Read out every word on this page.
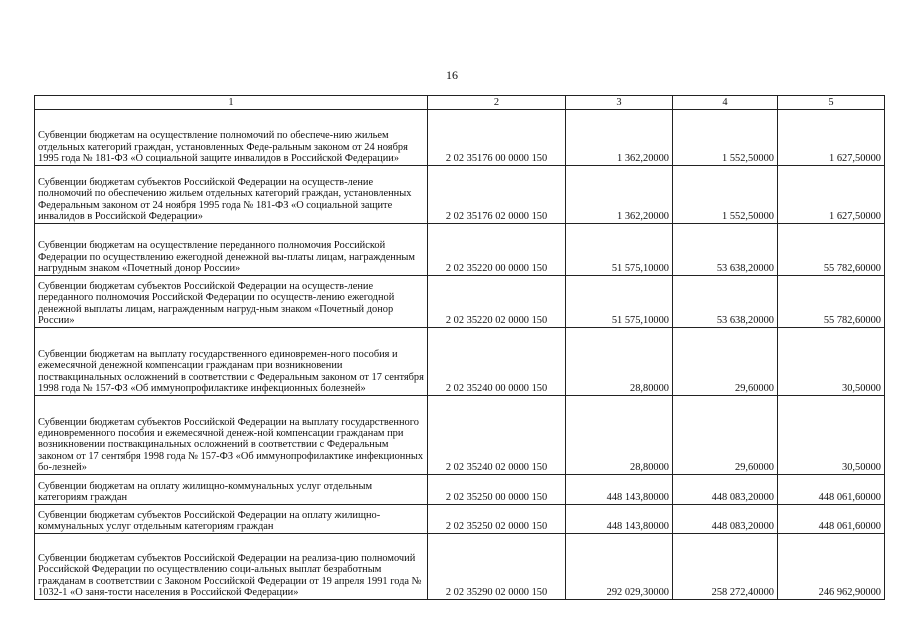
16
1	2	3	4	5
Субвенции бюджетам на осуществление полномочий по обеспече-нию жильем отдельных категорий граждан, установленных Феде-ральным законом от 24 ноября 1995 года № 181-ФЗ «О социальной защите инвалидов в Российской Федерации»	2 02 35176 00 0000 150	1 362,20000	1 552,50000	1 627,50000
Субвенции бюджетам субъектов Российской Федерации на осуществ-ление полномочий по обеспечению жильем отдельных категорий граждан, установленных Федеральным законом от 24 ноября 1995 года № 181-ФЗ «О социальной защите инвалидов в Российской Федерации»	2 02 35176 02 0000 150	1 362,20000	1 552,50000	1 627,50000
Субвенции бюджетам на осуществление переданного полномочия Российской Федерации по осуществлению ежегодной денежной вы-платы лицам, награжденным нагрудным знаком «Почетный донор России»	2 02 35220 00 0000 150	51 575,10000	53 638,20000	55 782,60000
Субвенции бюджетам субъектов Российской Федерации на осуществ-ление переданного полномочия Российской Федерации по осуществ-лению ежегодной денежной выплаты лицам, награжденным нагруд-ным знаком «Почетный донор России»	2 02 35220 02 0000 150	51 575,10000	53 638,20000	55 782,60000
Субвенции бюджетам на выплату государственного единовремен-ного пособия и ежемесячной денежной компенсации гражданам при возникновении поствакцинальных осложнений в соответствии с Федеральным законом от 17 сентября 1998 года № 157-ФЗ «Об иммунопрофилактике инфекционных болезней»	2 02 35240 00 0000 150	28,80000	29,60000	30,50000
Субвенции бюджетам субъектов Российской Федерации на выплату государственного единовременного пособия и ежемесячной денеж-ной компенсации гражданам при возникновении поствакцинальных осложнений в соответствии с Федеральным законом от 17 сентября 1998 года № 157-ФЗ «Об иммунопрофилактике инфекционных бо-лезней»	2 02 35240 02 0000 150	28,80000	29,60000	30,50000
Субвенции бюджетам на оплату жилищно-коммунальных услуг отдельным категориям граждан	2 02 35250 00 0000 150	448 143,80000	448 083,20000	448 061,60000
Субвенции бюджетам субъектов Российской Федерации на оплату жилищно-коммунальных услуг отдельным категориям граждан	2 02 35250 02 0000 150	448 143,80000	448 083,20000	448 061,60000
Субвенции бюджетам субъектов Российской Федерации на реализа-цию полномочий Российской Федерации по осуществлению соци-альных выплат безработным гражданам в соответствии с Законом Российской Федерации от 19 апреля 1991 года № 1032-1 «О заня-тости населения в Российской Федерации»	2 02 35290 02 0000 150	292 029,30000	258 272,40000	246 962,90000
